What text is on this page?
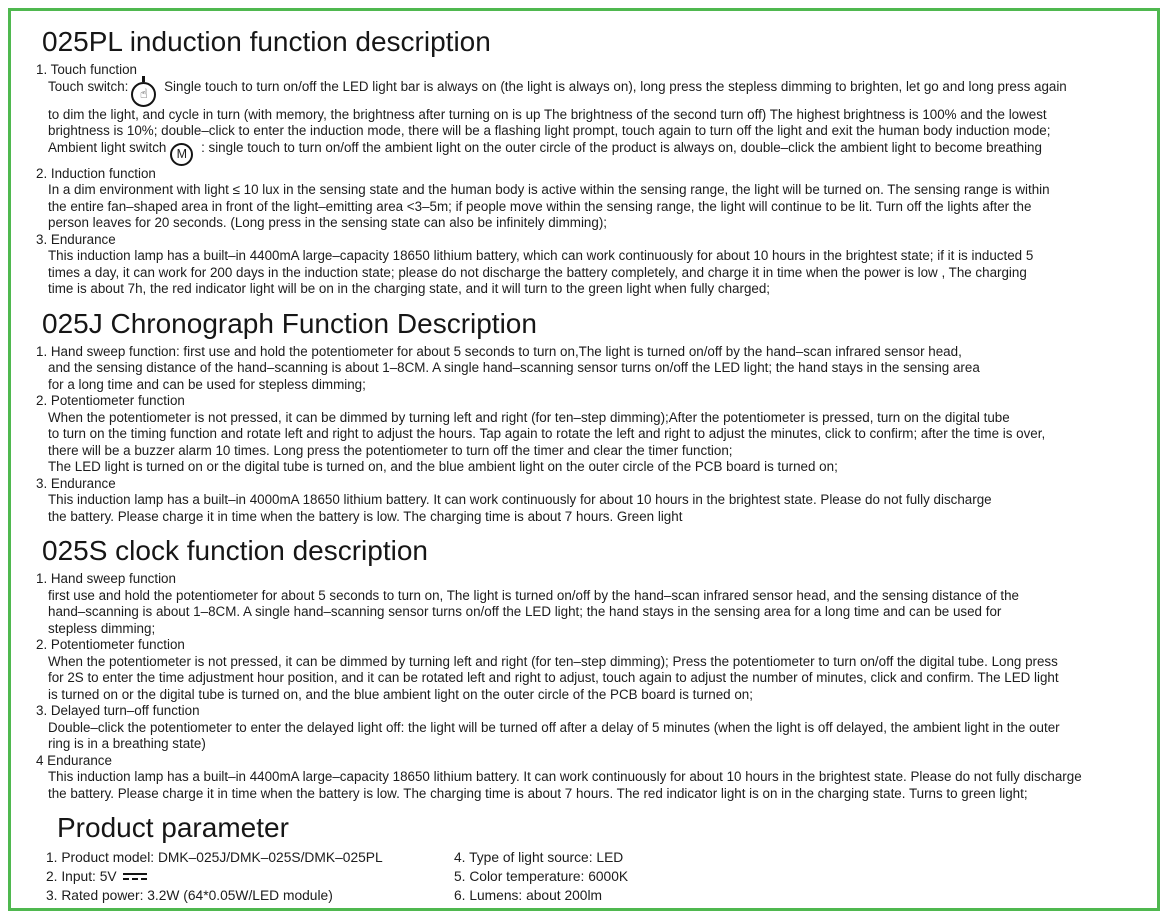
025PL induction function description
1. Touch function
Touch switch: ☝ Single touch to turn on/off the LED light bar is always on (the light is always on), long press the stepless dimming to brighten, let go and long press again
to dim the light, and cycle in turn (with memory, the brightness after turning on is up The brightness of the second turn off) The highest brightness is 100% and the lowest
brightness is 10%; double–click to enter the induction mode, there will be a flashing light prompt, touch again to turn off the light and exit the human body induction mode;
Ambient light switch M : single touch to turn on/off the ambient light on the outer circle of the product is always on, double–click the ambient light to become breathing
2. Induction function
In a dim environment with light ≤ 10 lux in the sensing state and the human body is active within the sensing range, the light will be turned on. The sensing range is within
the entire fan–shaped area in front of the light–emitting area <3–5m; if people move within the sensing range, the light will continue to be lit. Turn off the lights after the
person leaves for 20 seconds. (Long press in the sensing state can also be infinitely dimming);
3. Endurance
This induction lamp has a built–in 4400mA large–capacity 18650 lithium battery, which can work continuously for about 10 hours in the brightest state; if it is inducted 5
times a day, it can work for 200 days in the induction state; please do not discharge the battery completely, and charge it in time when the power is low , The charging
time is about 7h, the red indicator light will be on in the charging state, and it will turn to the green light when fully charged;
025J Chronograph Function Description
1. Hand sweep function: first use and hold the potentiometer for about 5 seconds to turn on,The light is turned on/off by the hand–scan infrared sensor head,
and the sensing distance of the hand–scanning is about 1–8CM. A single hand–scanning sensor turns on/off the LED light; the hand stays in the sensing area
for a long time and can be used for stepless dimming;
2. Potentiometer function
When the potentiometer is not pressed, it can be dimmed by turning left and right (for ten–step dimming);After the potentiometer is pressed, turn on the digital tube
to turn on the timing function and rotate left and right to adjust the hours. Tap again to rotate the left and right to adjust the minutes, click to confirm; after the time is over,
there will be a buzzer alarm 10 times. Long press the potentiometer to turn off the timer and clear the timer function;
The LED light is turned on or the digital tube is turned on, and the blue ambient light on the outer circle of the PCB board is turned on;
3. Endurance
This induction lamp has a built–in 4000mA 18650 lithium battery. It can work continuously for about 10 hours in the brightest state. Please do not fully discharge
the battery. Please charge it in time when the battery is low. The charging time is about 7 hours. Green light
025S clock function description
1. Hand sweep function
first use and hold the potentiometer for about 5 seconds to turn on, The light is turned on/off by the hand–scan infrared sensor head, and the sensing distance of the
hand–scanning is about 1–8CM. A single hand–scanning sensor turns on/off the LED light; the hand stays in the sensing area for a long time and can be used for
stepless dimming;
2. Potentiometer function
When the potentiometer is not pressed, it can be dimmed by turning left and right (for ten–step dimming); Press the potentiometer to turn on/off the digital tube. Long press
for 2S to enter the time adjustment hour position, and it can be rotated left and right to adjust, touch again to adjust the number of minutes, click and confirm. The LED light
is turned on or the digital tube is turned on, and the blue ambient light on the outer circle of the PCB board is turned on;
3. Delayed turn–off function
Double–click the potentiometer to enter the delayed light off: the light will be turned off after a delay of 5 minutes (when the light is off delayed, the ambient light in the outer
ring is in a breathing state)
4 Endurance
This induction lamp has a built–in 4400mA large–capacity 18650 lithium battery. It can work continuously for about 10 hours in the brightest state. Please do not fully discharge
the battery. Please charge it in time when the battery is low. The charging time is about 7 hours. The red indicator light is on in the charging state. Turns to green light;
Product parameter
1. Product model: DMK–025J/DMK–025S/DMK–025PL
2. Input: 5V
3. Rated power: 3.2W (64*0.05W/LED module)
4. Type of light source: LED
5. Color temperature: 6000K
6. Lumens: about 200lm
